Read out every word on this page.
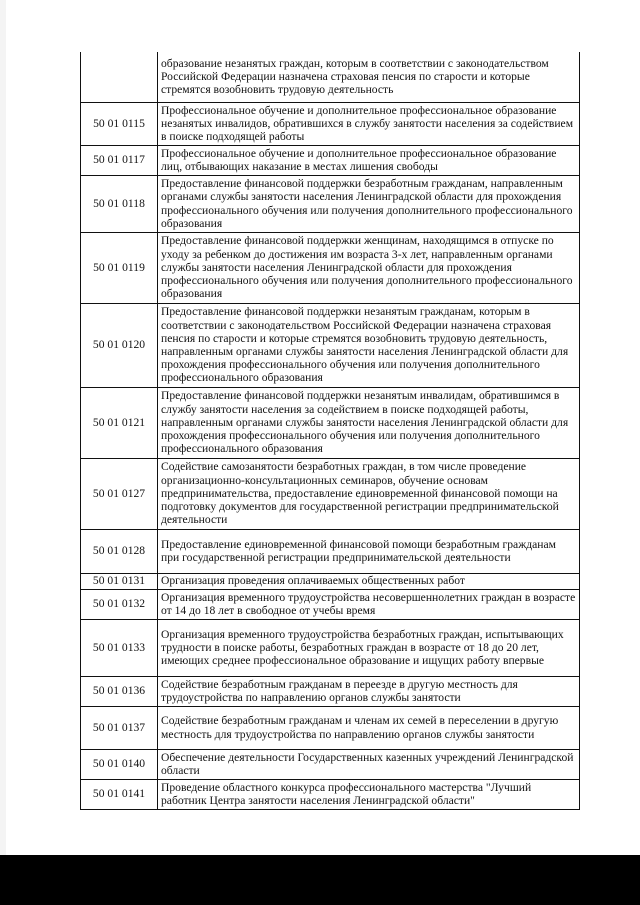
	образование незанятых граждан, которым в соответствии с законодательством Российской Федерации назначена страховая пенсия по старости и которые стремятся возобновить трудовую деятельность
50 01 0115	Профессиональное обучение и дополнительное профессиональное образование незанятых инвалидов, обратившихся в службу занятости населения за содействием в поиске подходящей работы
50 01 0117	Профессиональное обучение и дополнительное профессиональное образование лиц, отбывающих наказание в местах лишения свободы
50 01 0118	Предоставление финансовой поддержки безработным гражданам, направленным органами службы занятости населения Ленинградской области для прохождения профессионального обучения или получения дополнительного профессионального образования
50 01 0119	Предоставление финансовой поддержки женщинам, находящимся в отпуске по уходу за ребенком до достижения им возраста 3-х лет, направленным органами службы занятости населения Ленинградской области для прохождения профессионального обучения или получения дополнительного профессионального образования
50 01 0120	Предоставление финансовой поддержки незанятым гражданам, которым в соответствии с законодательством Российской Федерации назначена страховая пенсия по старости и которые стремятся возобновить трудовую деятельность, направленным органами службы занятости населения Ленинградской области для прохождения профессионального обучения или получения дополнительного профессионального образования
50 01 0121	Предоставление финансовой поддержки незанятым инвалидам, обратившимся в службу занятости населения за содействием в поиске подходящей работы, направленным органами службы занятости населения Ленинградской области для прохождения профессионального обучения или получения дополнительного профессионального образования
50 01 0127	Содействие самозанятости безработных граждан, в том числе проведение организационно-консультационных семинаров, обучение основам предпринимательства, предоставление единовременной финансовой помощи на подготовку документов для государственной регистрации предпринимательской деятельности
50 01 0128	Предоставление единовременной финансовой помощи безработным гражданам при государственной регистрации предпринимательской деятельности
50 01 0131	Организация проведения оплачиваемых общественных работ
50 01 0132	Организация временного трудоустройства несовершеннолетних граждан в возрасте от 14 до 18 лет в свободное от учебы время
50 01 0133	Организация временного трудоустройства безработных граждан, испытывающих трудности в поиске работы, безработных граждан в возрасте от 18 до 20 лет, имеющих среднее профессиональное образование и ищущих работу впервые
50 01 0136	Содействие безработным гражданам в переезде в другую местность для трудоустройства по направлению органов службы занятости
50 01 0137	Содействие безработным гражданам и членам их семей в переселении в другую местность для трудоустройства по направлению органов службы занятости
50 01 0140	Обеспечение деятельности Государственных казенных учреждений Ленинградской области
50 01 0141	Проведение областного конкурса профессионального мастерства "Лучший работник Центра занятости населения Ленинградской области"
